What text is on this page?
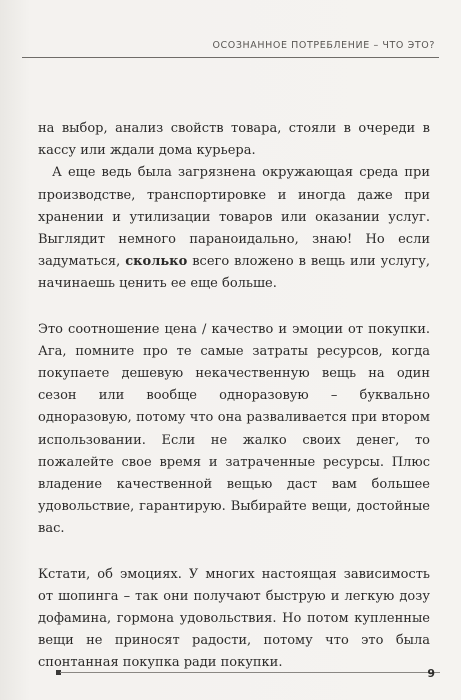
ОСОЗНАННОЕ ПОТРЕБЛЕНИЕ – ЧТО ЭТО?

на выбор, анализ свойств товара, стояли в очереди в кассу или ждали дома курьера.

А еще ведь была загрязнена окружающая среда при производстве, транспортировке и иногда даже при хранении и утилизации товаров или оказании услуг. Выглядит немного параноидально, знаю! Но если задуматься, сколько всего вложено в вещь или услугу, начинаешь ценить ее еще больше.

Это соотношение цена / качество и эмоции от покупки. Ага, помните про те самые затраты ресурсов, когда покупаете дешевую некачественную вещь на один сезон или вообще одноразовую – буквально одноразовую, потому что она разваливается при втором использовании. Если не жалко своих денег, то пожалейте свое время и затраченные ресурсы. Плюс владение качественной вещью даст вам большее удовольствие, гарантирую. Выбирайте вещи, достойные вас.

Кстати, об эмоциях. У многих настоящая зависимость от шопинга – так они получают быструю и легкую дозу дофамина, гормона удовольствия. Но потом купленные вещи не приносят радости, потому что это была спонтанная покупка ради покупки.

9
